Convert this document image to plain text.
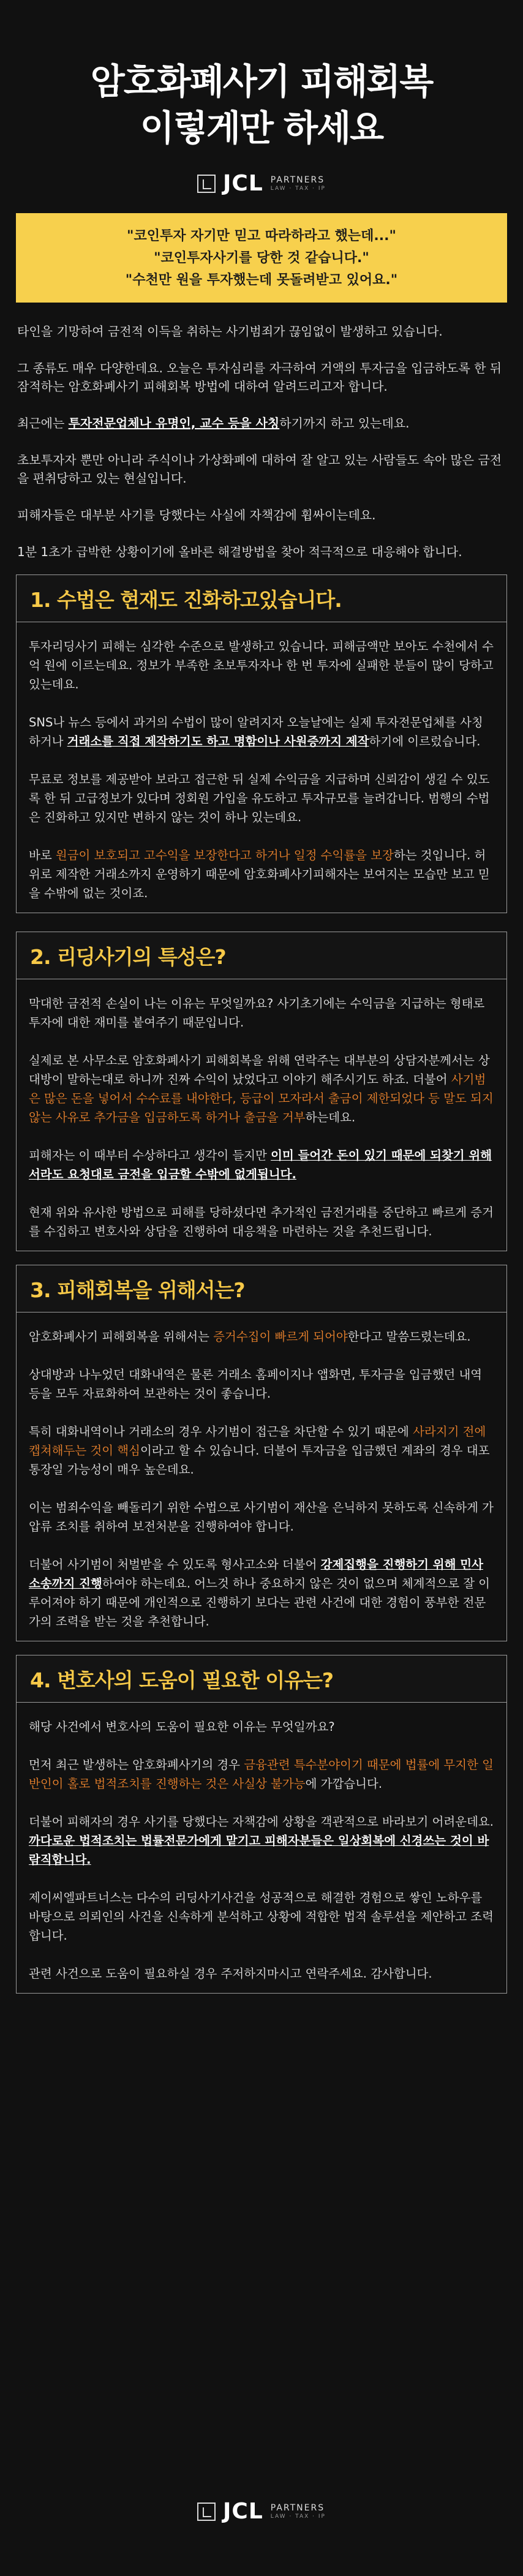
암호화폐사기 피해회복
이렇게만 하세요
JCL PARTNERS
LAW · TAX · IP
"코인투자 자기만 믿고 따라하라고 했는데..."
"코인투자사기를 당한 것 같습니다."
"수천만 원을 투자했는데 못돌려받고 있어요."

타인을 기망하여 금전적 이득을 취하는 사기범죄가 끊임없이 발생하고 있습니다.

그 종류도 매우 다양한데요. 오늘은 투자심리를 자극하여 거액의 투자금을 입금하도록 한 뒤 잠적하는 암호화폐사기 피해회복 방법에 대하여 알려드리고자 합니다.

최근에는 투자전문업체나 유명인, 교수 등을 사칭하기까지 하고 있는데요.

초보투자자 뿐만 아니라 주식이나 가상화폐에 대하여 잘 알고 있는 사람들도 속아 많은 금전을 편취당하고 있는 현실입니다.

피해자들은 대부분 사기를 당했다는 사실에 자책감에 휩싸이는데요.

1분 1초가 급박한 상황이기에 올바른 해결방법을 찾아 적극적으로 대응해야 합니다.

1. 수법은 현재도 진화하고있습니다.

투자리딩사기 피해는 심각한 수준으로 발생하고 있습니다. 피해금액만 보아도 수천에서 수억 원에 이르는데요. 정보가 부족한 초보투자자나 한 번 투자에 실패한 분들이 많이 당하고 있는데요.

SNS나 뉴스 등에서 과거의 수법이 많이 알려지자 오늘날에는 실제 투자전문업체를 사칭하거나 거래소를 직접 제작하기도 하고 명함이나 사원증까지 제작하기에 이르렀습니다.

무료로 정보를 제공받아 보라고 접근한 뒤 실제 수익금을 지급하며 신뢰감이 생길 수 있도록 한 뒤 고급정보가 있다며 정회원 가입을 유도하고 투자규모를 늘려갑니다. 범행의 수법은 진화하고 있지만 변하지 않는 것이 하나 있는데요.

바로 원금이 보호되고 고수익을 보장한다고 하거나 일정 수익률을 보장하는 것입니다. 허위로 제작한 거래소까지 운영하기 때문에 암호화폐사기피해자는 보여지는 모습만 보고 믿을 수밖에 없는 것이죠.

2. 리딩사기의 특성은?

막대한 금전적 손실이 나는 이유는 무엇일까요? 사기초기에는 수익금을 지급하는 형태로 투자에 대한 재미를 붙여주기 때문입니다.

실제로 본 사무소로 암호화폐사기 피해회복을 위해 연락주는 대부분의 상담자분께서는 상대방이 말하는대로 하니까 진짜 수익이 났었다고 이야기 해주시기도 하죠. 더불어 사기범은 많은 돈을 넣어서 수수료를 내야한다, 등급이 모자라서 출금이 제한되었다 등 말도 되지않는 사유로 추가금을 입금하도록 하거나 출금을 거부하는데요.

피해자는 이 때부터 수상하다고 생각이 들지만 이미 들어간 돈이 있기 때문에 되찾기 위해서라도 요청대로 금전을 입금할 수밖에 없게됩니다.

현재 위와 유사한 방법으로 피해를 당하셨다면 추가적인 금전거래를 중단하고 빠르게 증거를 수집하고 변호사와 상담을 진행하여 대응책을 마련하는 것을 추천드립니다.

3. 피해회복을 위해서는?

암호화폐사기 피해회복을 위해서는 증거수집이 빠르게 되어야한다고 말씀드렸는데요.

상대방과 나누었던 대화내역은 물론 거래소 홈페이지나 앱화면, 투자금을 입금했던 내역 등을 모두 자료화하여 보관하는 것이 좋습니다.

특히 대화내역이나 거래소의 경우 사기범이 접근을 차단할 수 있기 때문에 사라지기 전에 캡쳐해두는 것이 핵심이라고 할 수 있습니다. 더불어 투자금을 입금했던 계좌의 경우 대포통장일 가능성이 매우 높은데요.

이는 범죄수익을 빼돌리기 위한 수법으로 사기범이 재산을 은닉하지 못하도록 신속하게 가압류 조치를 취하여 보전처분을 진행하여야 합니다.

더불어 사기범이 처벌받을 수 있도록 형사고소와 더불어 강제집행을 진행하기 위해 민사소송까지 진행하여야 하는데요. 어느것 하나 중요하지 않은 것이 없으며 체계적으로 잘 이루어져야 하기 때문에 개인적으로 진행하기 보다는 관련 사건에 대한 경험이 풍부한 전문가의 조력을 받는 것을 추천합니다.

4. 변호사의 도움이 필요한 이유는?

해당 사건에서 변호사의 도움이 필요한 이유는 무엇일까요?

먼저 최근 발생하는 암호화폐사기의 경우 금융관련 특수분야이기 때문에 법률에 무지한 일반인이 홀로 법적조치를 진행하는 것은 사실상 불가능에 가깝습니다.

더불어 피해자의 경우 사기를 당했다는 자책감에 상황을 객관적으로 바라보기 어려운데요. 까다로운 법적조치는 법률전문가에게 맡기고 피해자분들은 일상회복에 신경쓰는 것이 바람직합니다.

제이씨엘파트너스는 다수의 리딩사기사건을 성공적으로 해결한 경험으로 쌓인 노하우를 바탕으로 의뢰인의 사건을 신속하게 분석하고 상황에 적합한 법적 솔루션을 제안하고 조력합니다.

관련 사건으로 도움이 필요하실 경우 주저하지마시고 연락주세요. 감사합니다.

JCL PARTNERS
LAW · TAX · IP
